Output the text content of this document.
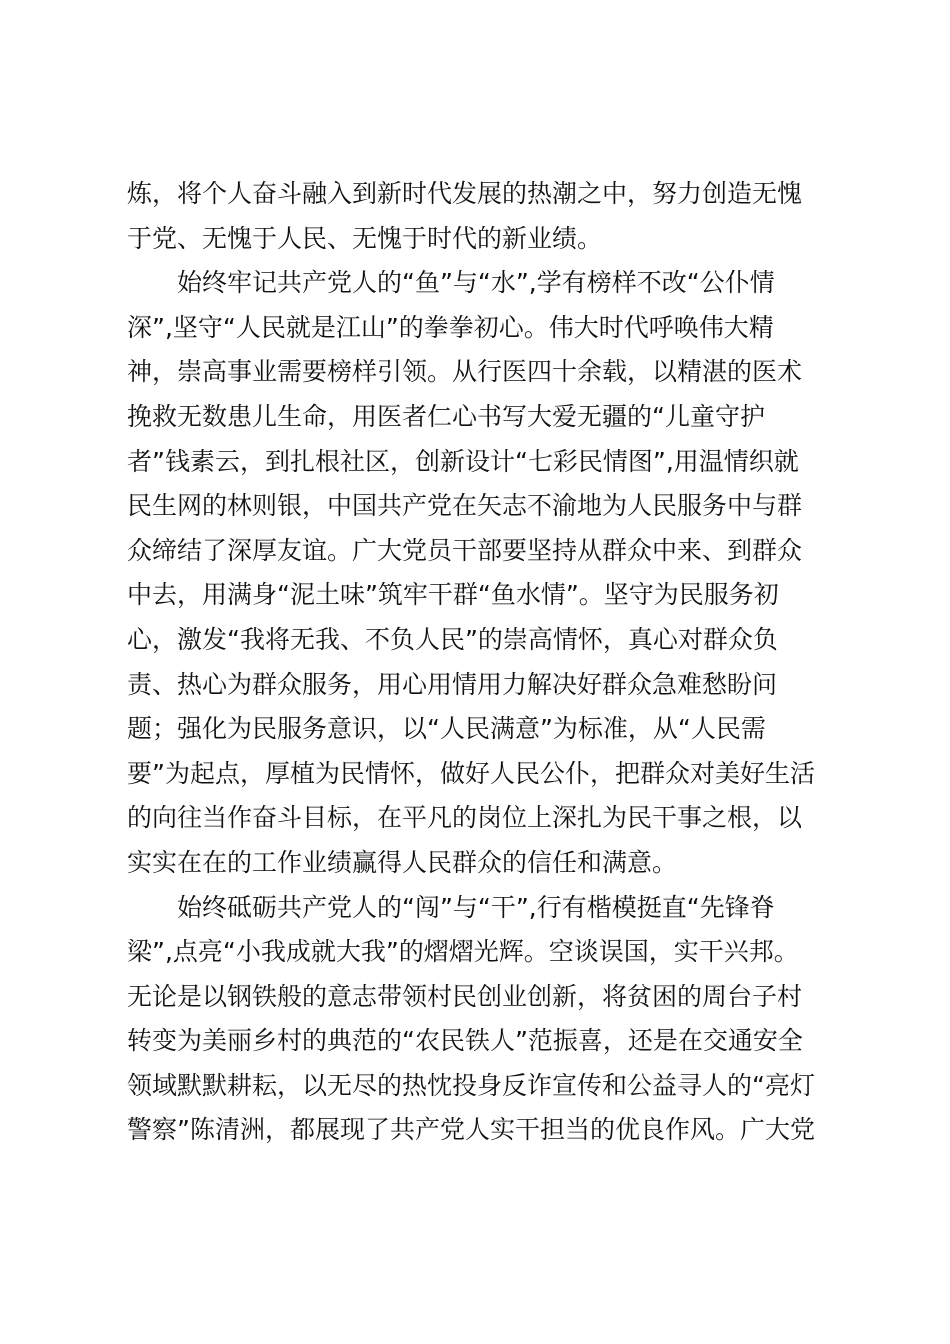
炼，将个人奋斗融入到新时代发展的热潮之中，努力创造无愧
于党、无愧于人民、无愧于时代的新业绩。
始终牢记共产党人的“鱼”与“水”,学有榜样不改“公仆情
深”,坚守“人民就是江山”的拳拳初心。伟大时代呼唤伟大精
神，崇高事业需要榜样引领。从行医四十余载，以精湛的医术
挽救无数患儿生命，用医者仁心书写大爱无疆的“儿童守护
者”钱素云，到扎根社区，创新设计“七彩民情图”,用温情织就
民生网的林则银，中国共产党在矢志不渝地为人民服务中与群
众缔结了深厚友谊。广大党员干部要坚持从群众中来、到群众
中去，用满身“泥土味”筑牢干群“鱼水情”。坚守为民服务初
心，激发“我将无我、不负人民”的崇高情怀，真心对群众负
责、热心为群众服务，用心用情用力解决好群众急难愁盼问
题；强化为民服务意识，以“人民满意”为标准，从“人民需
要”为起点，厚植为民情怀，做好人民公仆，把群众对美好生活
的向往当作奋斗目标，在平凡的岗位上深扎为民干事之根，以
实实在在的工作业绩赢得人民群众的信任和满意。
始终砥砺共产党人的“闯”与“干”,行有楷模挺直“先锋脊
梁”,点亮“小我成就大我”的熠熠光辉。空谈误国，实干兴邦。
无论是以钢铁般的意志带领村民创业创新，将贫困的周台子村
转变为美丽乡村的典范的“农民铁人”范振喜，还是在交通安全
领域默默耕耘，以无尽的热忱投身反诈宣传和公益寻人的“亮灯
警察”陈清洲，都展现了共产党人实干担当的优良作风。广大党
